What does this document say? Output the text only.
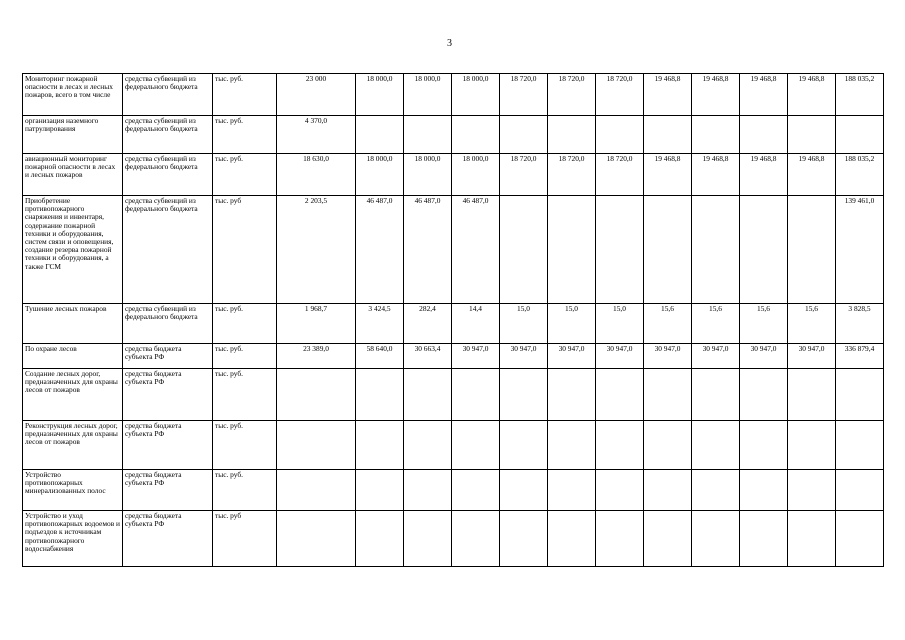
3
Мониторинг пожарной опасности в лесах и лесных пожаров, всего в том числе	средства субвенций из федерального бюджета	тыс. руб.	23 000	18 000,0	18 000,0	18 000,0	18 720,0	18 720,0	18 720,0	19 468,8	19 468,8	19 468,8	19 468,8	188 035,2
организация наземного патрулирования	средства субвенций из федерального бюджета	тыс. руб.	4 370,0											
авиационный мониторинг пожарной опасности в лесах и лесных пожаров	средства субвенций из федерального бюджета	тыс. руб.	18 630,0	18 000,0	18 000,0	18 000,0	18 720,0	18 720,0	18 720,0	19 468,8	19 468,8	19 468,8	19 468,8	188 035,2
Приобретение противопожарного снаряжения и инвентаря, содержание пожарной техники и оборудования, систем связи и оповещения, создание резерва пожарной техники и оборудования, а также ГСМ	средства субвенций из федерального бюджета	тыс. руб	2 203,5	46 487,0	46 487,0	46 487,0								139 461,0
Тушение лесных пожаров	средства субвенций из федерального бюджета	тыс. руб.	1 968,7	3 424,5	282,4	14,4	15,0	15,0	15,0	15,6	15,6	15,6	15,6	3 828,5
По охране лесов	средства бюджета субъекта РФ	тыс. руб.	23 389,0	58 640,0	30 663,4	30 947,0	30 947,0	30 947,0	30 947,0	30 947,0	30 947,0	30 947,0	30 947,0	336 879,4
Создание лесных дорог, предназначенных для охраны лесов от пожаров	средства бюджета субъекта РФ	тыс. руб.												
Реконструкция лесных дорог, предназначенных для охраны лесов от пожаров	средства бюджета субъекта РФ	тыс. руб.												
Устройство противопожарных минерализованных полос	средства бюджета субъекта РФ	тыс. руб.												
Устройство и уход противопожарных водоемов и подъездов к источникам противопожарного водоснабжения	средства бюджета субъекта РФ	тыс. руб												
